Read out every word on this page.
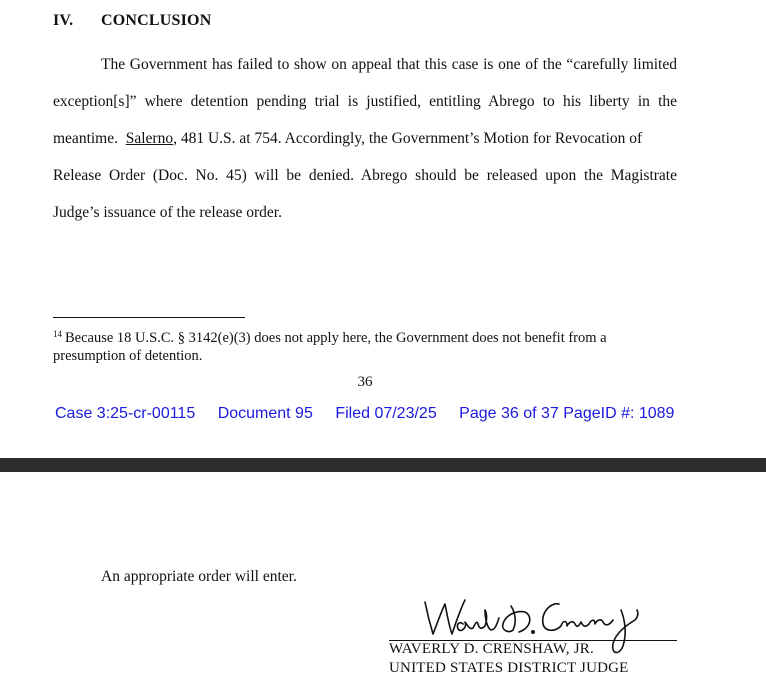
IV. CONCLUSION
The Government has failed to show on appeal that this case is one of the “carefully limited
exception[s]” where detention pending trial is justified, entitling Abrego to his liberty in the
meantime. Salerno, 481 U.S. at 754. Accordingly, the Government’s Motion for Revocation of
Release Order (Doc. No. 45) will be denied. Abrego should be released upon the Magistrate
Judge’s issuance of the release order.
$^{14}$ Because 18 U.S.C. § 3142(e)(3) does not apply here, the Government does not benefit from a presumption of detention.
36
Case 3:25-cr-00115 Document 95 Filed 07/23/25 Page 36 of 37 PageID #: 1089
An appropriate order will enter.
WAVERLY D. CRENSHAW, JR.
UNITED STATES DISTRICT JUDGE
